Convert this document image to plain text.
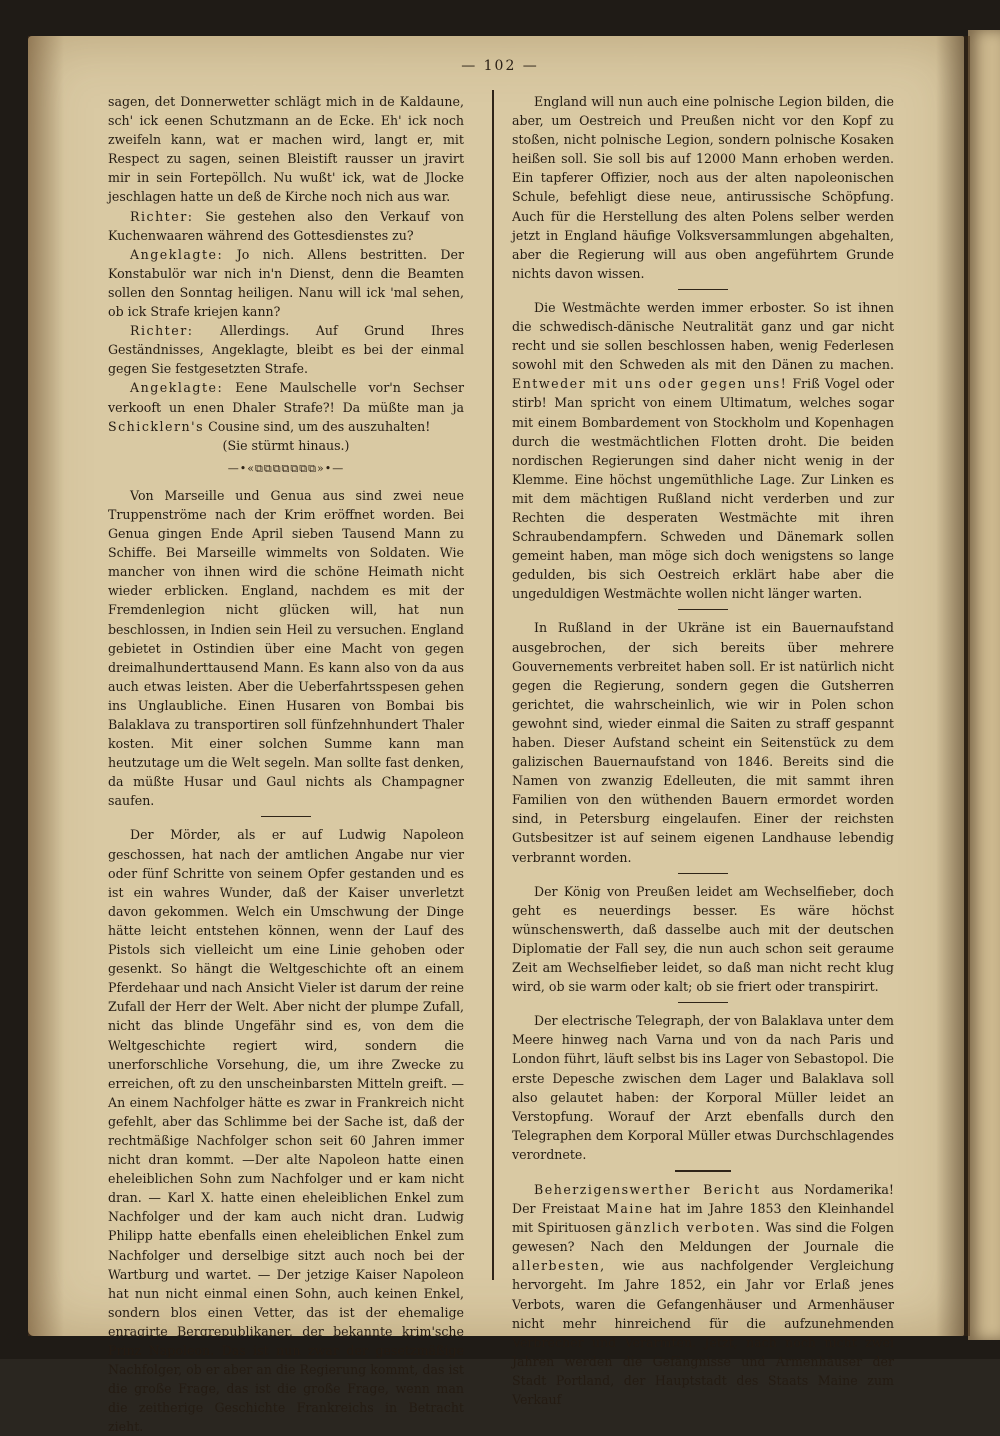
— 102 —

sagen, det Donnerwetter schlägt mich in de Kaldaune, sch' ick eenen Schutzmann an de Ecke. Eh' ick noch zweifeln kann, wat er machen wird, langt er, mit Respect zu sagen, seinen Bleistift rausser un jravirt mir in sein Fortepöllch. Nu wußt' ick, wat de Jlocke jeschlagen hatte un deß de Kirche noch nich aus war.

Richter: Sie gestehen also den Verkauf von Kuchenwaaren während des Gottesdienstes zu?

Angeklagte: Jo nich. Allens bestritten. Der Konstabulör war nich in'n Dienst, denn die Beamten sollen den Sonntag heiligen. Nanu will ick 'mal sehen, ob ick Strafe kriejen kann?

Richter: Allerdings. Auf Grund Ihres Geständnisses, Angeklagte, bleibt es bei der einmal gegen Sie festgesetzten Strafe.

Angeklagte: Eene Maulschelle vor'n Sechser verkooft un enen Dhaler Strafe?! Da müßte man ja Schicklern's Cousine sind, um des auszuhalten!

(Sie stürmt hinaus.)

—•«⧉⧉⧉⧉⧉⧉⧉»•—

Von Marseille und Genua aus sind zwei neue Truppenströme nach der Krim eröffnet worden. Bei Genua gingen Ende April sieben Tausend Mann zu Schiffe. Bei Marseille wimmelts von Soldaten. Wie mancher von ihnen wird die schöne Heimath nicht wieder erblicken. England, nachdem es mit der Fremdenlegion nicht glücken will, hat nun beschlossen, in Indien sein Heil zu versuchen. England gebietet in Ostindien über eine Macht von gegen dreimalhunderttausend Mann. Es kann also von da aus auch etwas leisten. Aber die Ueberfahrtsspesen gehen ins Unglaubliche. Einen Husaren von Bombai bis Balaklava zu transportiren soll fünfzehnhundert Thaler kosten. Mit einer solchen Summe kann man heutzutage um die Welt segeln. Man sollte fast denken, da müßte Husar und Gaul nichts als Champagner saufen.

Der Mörder, als er auf Ludwig Napoleon geschossen, hat nach der amtlichen Angabe nur vier oder fünf Schritte von seinem Opfer gestanden und es ist ein wahres Wunder, daß der Kaiser unverletzt davon gekommen. Welch ein Umschwung der Dinge hätte leicht entstehen können, wenn der Lauf des Pistols sich vielleicht um eine Linie gehoben oder gesenkt. So hängt die Weltgeschichte oft an einem Pferdehaar und nach Ansicht Vieler ist darum der reine Zufall der Herr der Welt. Aber nicht der plumpe Zufall, nicht das blinde Ungefähr sind es, von dem die Weltgeschichte regiert wird, sondern die unerforschliche Vorsehung, die, um ihre Zwecke zu erreichen, oft zu den unscheinbarsten Mitteln greift. — An einem Nachfolger hätte es zwar in Frankreich nicht gefehlt, aber das Schlimme bei der Sache ist, daß der rechtmäßige Nachfolger schon seit 60 Jahren immer nicht dran kommt. —Der alte Napoleon hatte einen eheleiblichen Sohn zum Nachfolger und er kam nicht dran. — Karl X. hatte einen eheleiblichen Enkel zum Nachfolger und der kam auch nicht dran. Ludwig Philipp hatte ebenfalls einen eheleiblichen Enkel zum Nachfolger und derselbige sitzt auch noch bei der Wartburg und wartet. — Der jetzige Kaiser Napoleon hat nun nicht einmal einen Sohn, auch keinen Enkel, sondern blos einen Vetter, das ist der ehemalige enragirte Bergrepublikaner, der bekannte krim'sche Prinz Napoleon. Das ist nun zwar der gesetzmäßige Nachfolger, ob er aber an die Regierung kommt, das ist die große Frage, das ist die große Frage, wenn man die zeitherige Geschichte Frankreichs in Betracht zieht.

England will nun auch eine polnische Legion bilden, die aber, um Oestreich und Preußen nicht vor den Kopf zu stoßen, nicht polnische Legion, sondern polnische Kosaken heißen soll. Sie soll bis auf 12000 Mann erhoben werden. Ein tapferer Offizier, noch aus der alten napoleonischen Schule, befehligt diese neue, antirussische Schöpfung. Auch für die Herstellung des alten Polens selber werden jetzt in England häufige Volksversammlungen abgehalten, aber die Regierung will aus oben angeführtem Grunde nichts davon wissen.

Die Westmächte werden immer erboster. So ist ihnen die schwedisch-dänische Neutralität ganz und gar nicht recht und sie sollen beschlossen haben, wenig Federlesen sowohl mit den Schweden als mit den Dänen zu machen. Entweder mit uns oder gegen uns! Friß Vogel oder stirb! Man spricht von einem Ultimatum, welches sogar mit einem Bombardement von Stockholm und Kopenhagen durch die westmächtlichen Flotten droht. Die beiden nordischen Regierungen sind daher nicht wenig in der Klemme. Eine höchst ungemüthliche Lage. Zur Linken es mit dem mächtigen Rußland nicht verderben und zur Rechten die desperaten Westmächte mit ihren Schraubendampfern. Schweden und Dänemark sollen gemeint haben, man möge sich doch wenigstens so lange gedulden, bis sich Oestreich erklärt habe aber die ungeduldigen Westmächte wollen nicht länger warten.

In Rußland in der Ukräne ist ein Bauernaufstand ausgebrochen, der sich bereits über mehrere Gouvernements verbreitet haben soll. Er ist natürlich nicht gegen die Regierung, sondern gegen die Gutsherren gerichtet, die wahrscheinlich, wie wir in Polen schon gewohnt sind, wieder einmal die Saiten zu straff gespannt haben. Dieser Aufstand scheint ein Seitenstück zu dem galizischen Bauernaufstand von 1846. Bereits sind die Namen von zwanzig Edelleuten, die mit sammt ihren Familien von den wüthenden Bauern ermordet worden sind, in Petersburg eingelaufen. Einer der reichsten Gutsbesitzer ist auf seinem eigenen Landhause lebendig verbrannt worden.

Der König von Preußen leidet am Wechselfieber, doch geht es neuerdings besser. Es wäre höchst wünschenswerth, daß dasselbe auch mit der deutschen Diplomatie der Fall sey, die nun auch schon seit geraume Zeit am Wechselfieber leidet, so daß man nicht recht klug wird, ob sie warm oder kalt; ob sie friert oder transpirirt.

Der electrische Telegraph, der von Balaklava unter dem Meere hinweg nach Varna und von da nach Paris und London führt, läuft selbst bis ins Lager von Sebastopol. Die erste Depesche zwischen dem Lager und Balaklava soll also gelautet haben: der Korporal Müller leidet an Verstopfung. Worauf der Arzt ebenfalls durch den Telegraphen dem Korporal Müller etwas Durchschlagendes verordnete.

Beherzigenswerther Bericht aus Nordamerika! Der Freistaat Maine hat im Jahre 1853 den Kleinhandel mit Spirituosen gänzlich verboten. Was sind die Folgen gewesen? Nach den Meldungen der Journale die allerbesten, wie aus nachfolgender Vergleichung hervorgeht. Im Jahre 1852, ein Jahr vor Erlaß jenes Verbots, waren die Gefangenhäuser und Armenhäuser nicht mehr hinreichend für die aufzunehmenden Verbrecher und Verarmten. Jetzt, nach noch nicht zwei Jahren werden die Gefängnisse und Armenhäuser der Stadt Portland, der Hauptstadt des Staats Maine zum Verkauf
